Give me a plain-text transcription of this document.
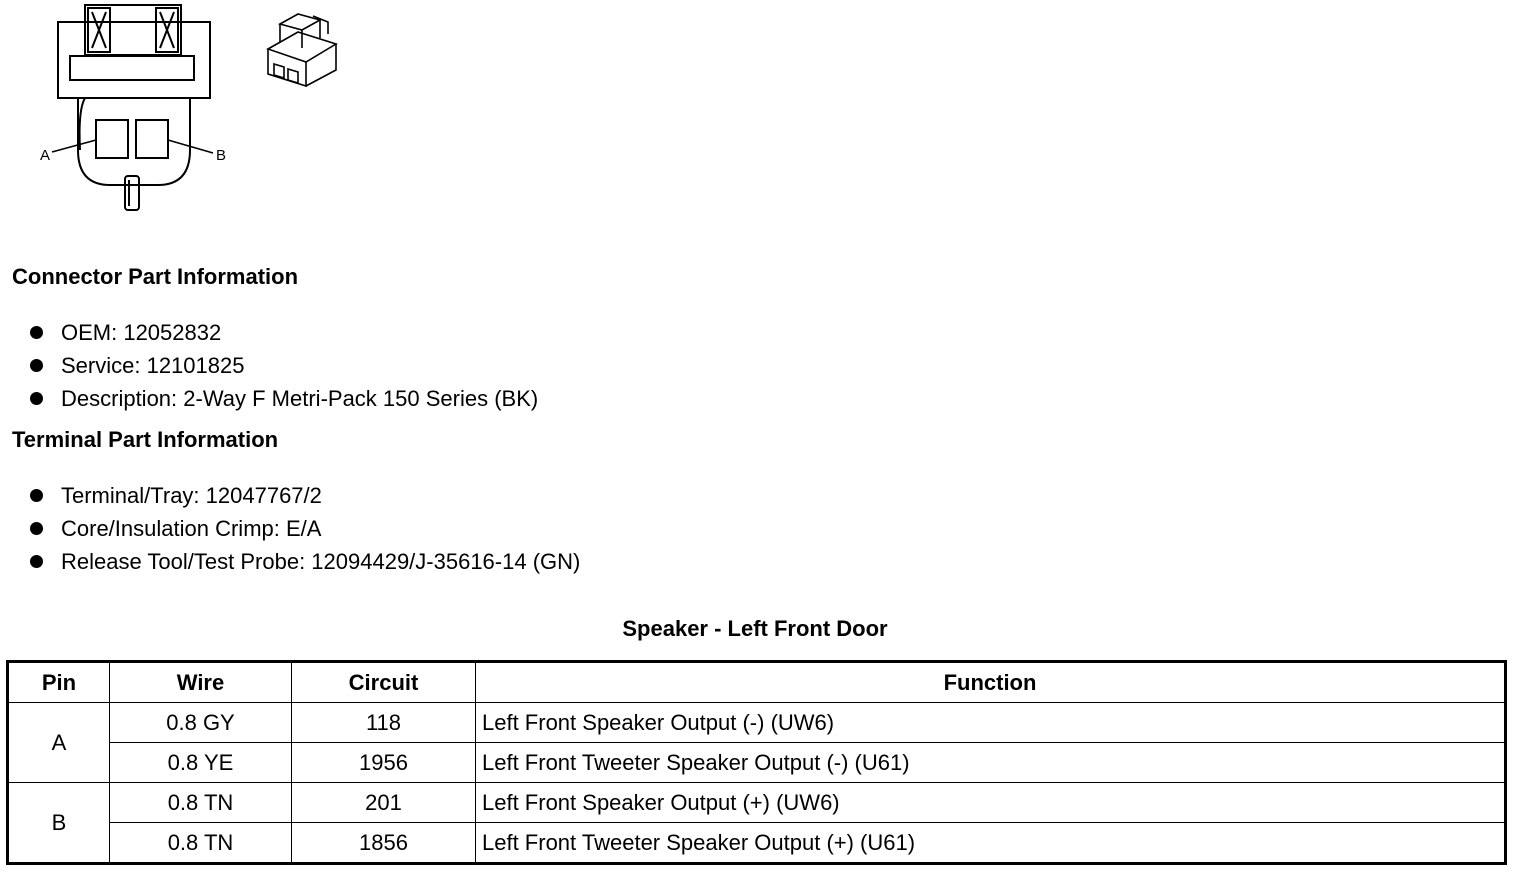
A	B
Connector Part Information
OEM: 12052832
Service: 12101825
Description: 2-Way F Metri-Pack 150 Series (BK)
Terminal Part Information
Terminal/Tray: 12047767/2
Core/Insulation Crimp: E/A
Release Tool/Test Probe: 12094429/J-35616-14 (GN)
Speaker - Left Front Door
Pin	Wire	Circuit	Function
A	0.8 GY	118	Left Front Speaker Output (-) (UW6)
	0.8 YE	1956	Left Front Tweeter Speaker Output (-) (U61)
B	0.8 TN	201	Left Front Speaker Output (+) (UW6)
	0.8 TN	1856	Left Front Tweeter Speaker Output (+) (U61)
